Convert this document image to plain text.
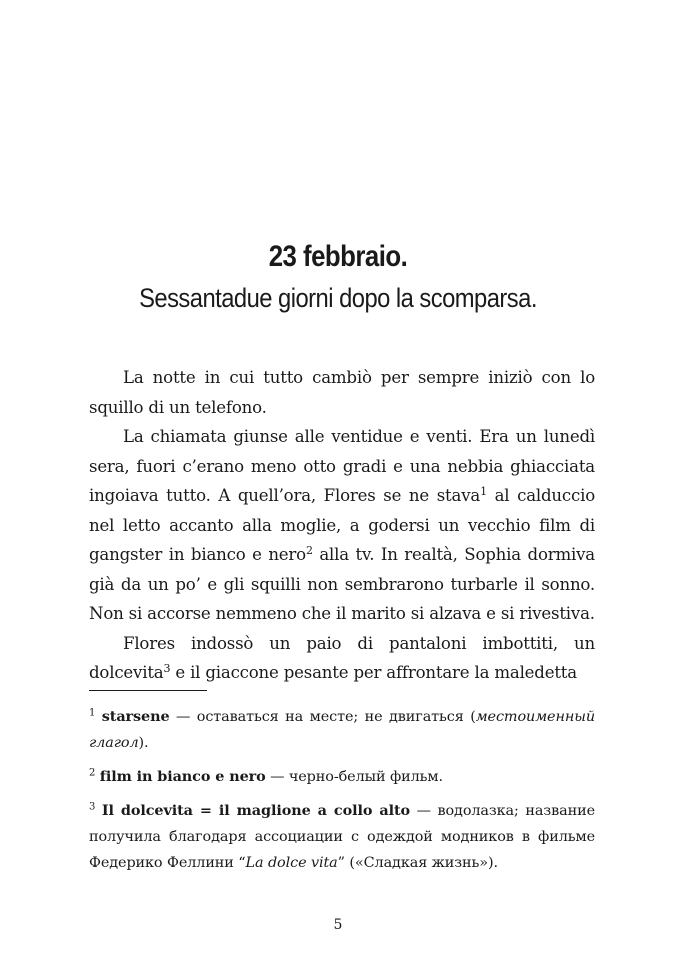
23 febbraio.
Sessantadue giorni dopo la scomparsa.

La notte in cui tutto cambiò per sempre iniziò con lo squillo di un telefono.

La chiamata giunse alle ventidue e venti. Era un lunedì sera, fuori c’erano meno otto gradi e una nebbia ghiacciata ingoiava tutto. A quell’ora, Flores se ne stava$^1$ al calduccio nel letto accanto alla moglie, a godersi un vecchio film di gangster in bianco e nero$^2$ alla tv. In realtà, Sophia dormiva già da un po’ e gli squilli non sembrarono turbarle il sonno. Non si accorse nemmeno che il marito si alzava e si rivestiva.

Flores indossò un paio di pantaloni imbottiti, un dolcevita$^3$ e il giaccone pesante per affrontare la maledetta

$^1$ starsene — оставаться на месте; не двигаться (местоименный глагол).

$^2$ film in bianco e nero — черно-белый фильм.

$^3$ Il dolcevita = il maglione a collo alto — водолазка; название получила благодаря ассоциации с одеждой модников в фильме Федерико Феллини “La dolce vita” («Сладкая жизнь»).

5
